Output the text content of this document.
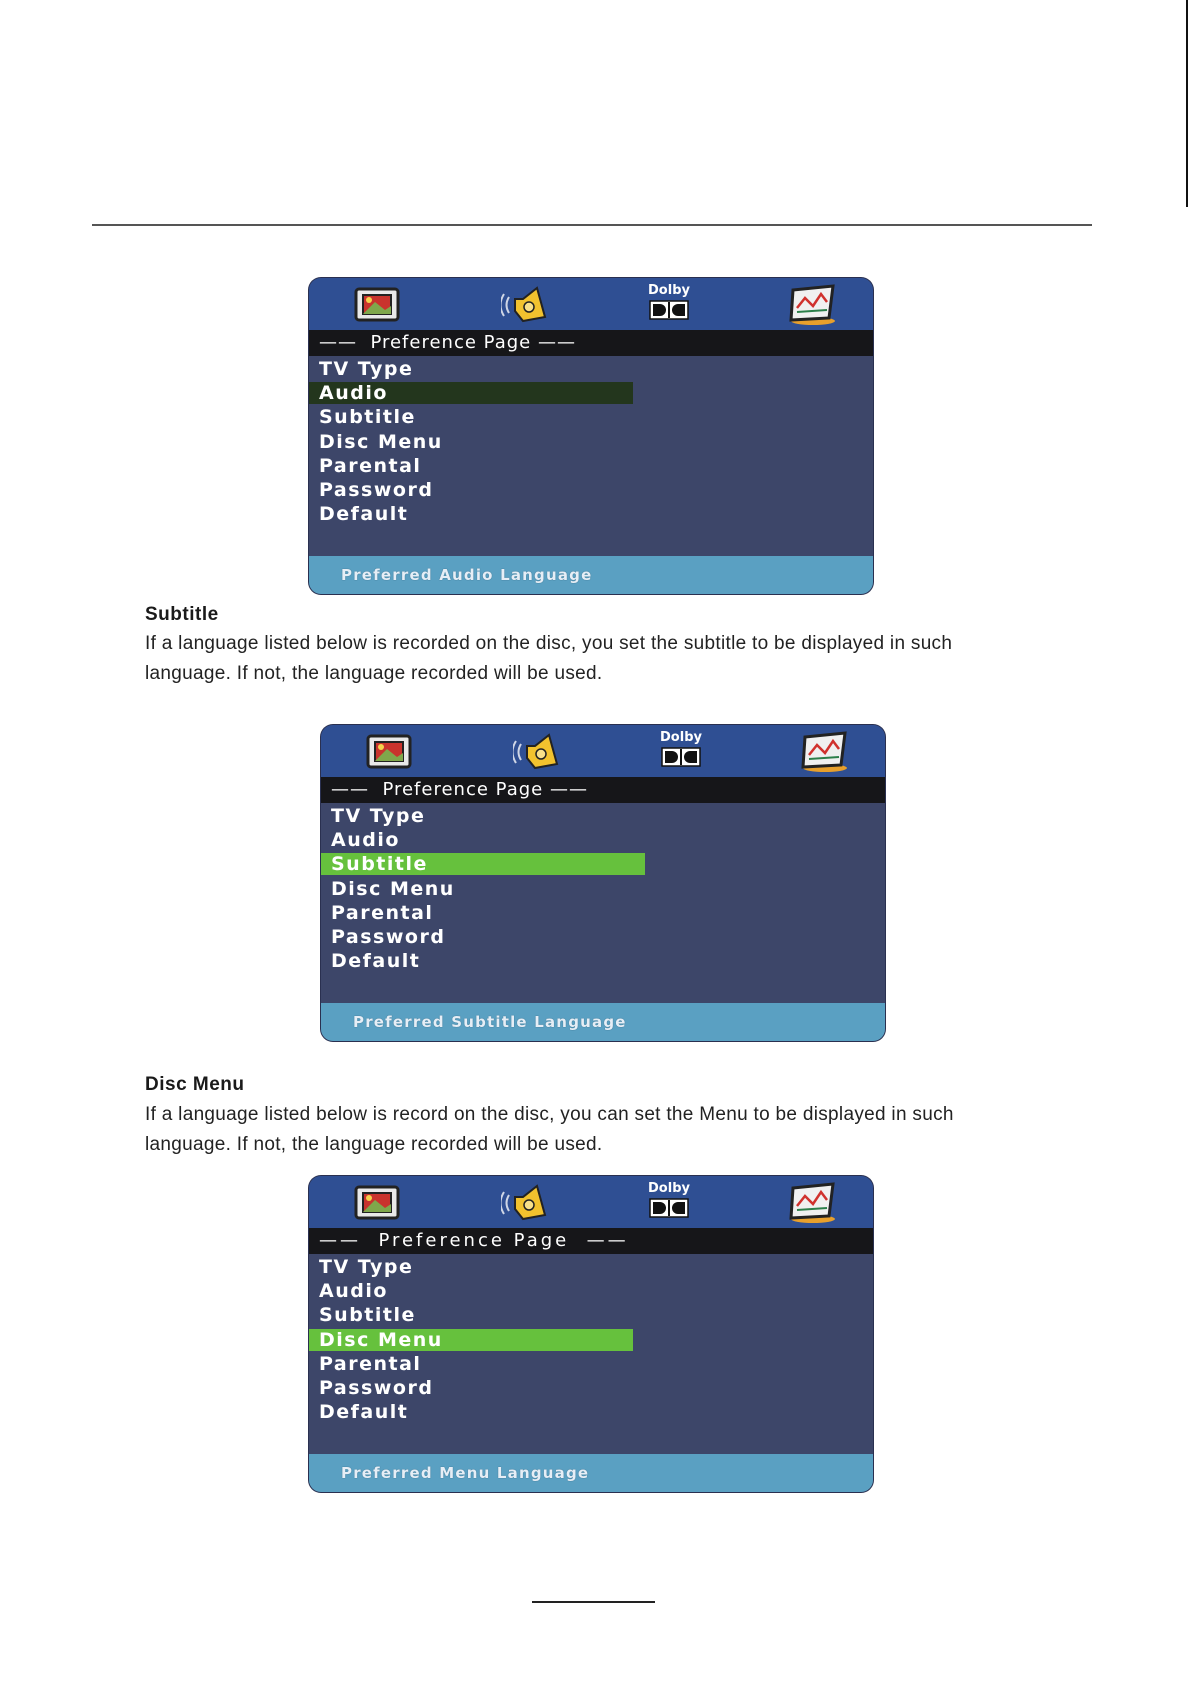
Dolby
——  Preference Page ——
TV Type
Audio
Subtitle
Disc Menu
Parental
Password
Default
Preferred Audio Language
Subtitle
If a language listed below is recorded on the disc, you set the subtitle to be displayed in such
language. If not, the language recorded will be used.
Dolby
——  Preference Page ——
TV Type
Audio
Subtitle
Disc Menu
Parental
Password
Default
Preferred Subtitle Language
Disc Menu
If a language listed below is record on the disc, you can set the Menu to be displayed in such
language. If not, the language recorded will be used.
Dolby
——  Preference Page  ——
TV Type
Audio
Subtitle
Disc Menu
Parental
Password
Default
Preferred Menu Language
